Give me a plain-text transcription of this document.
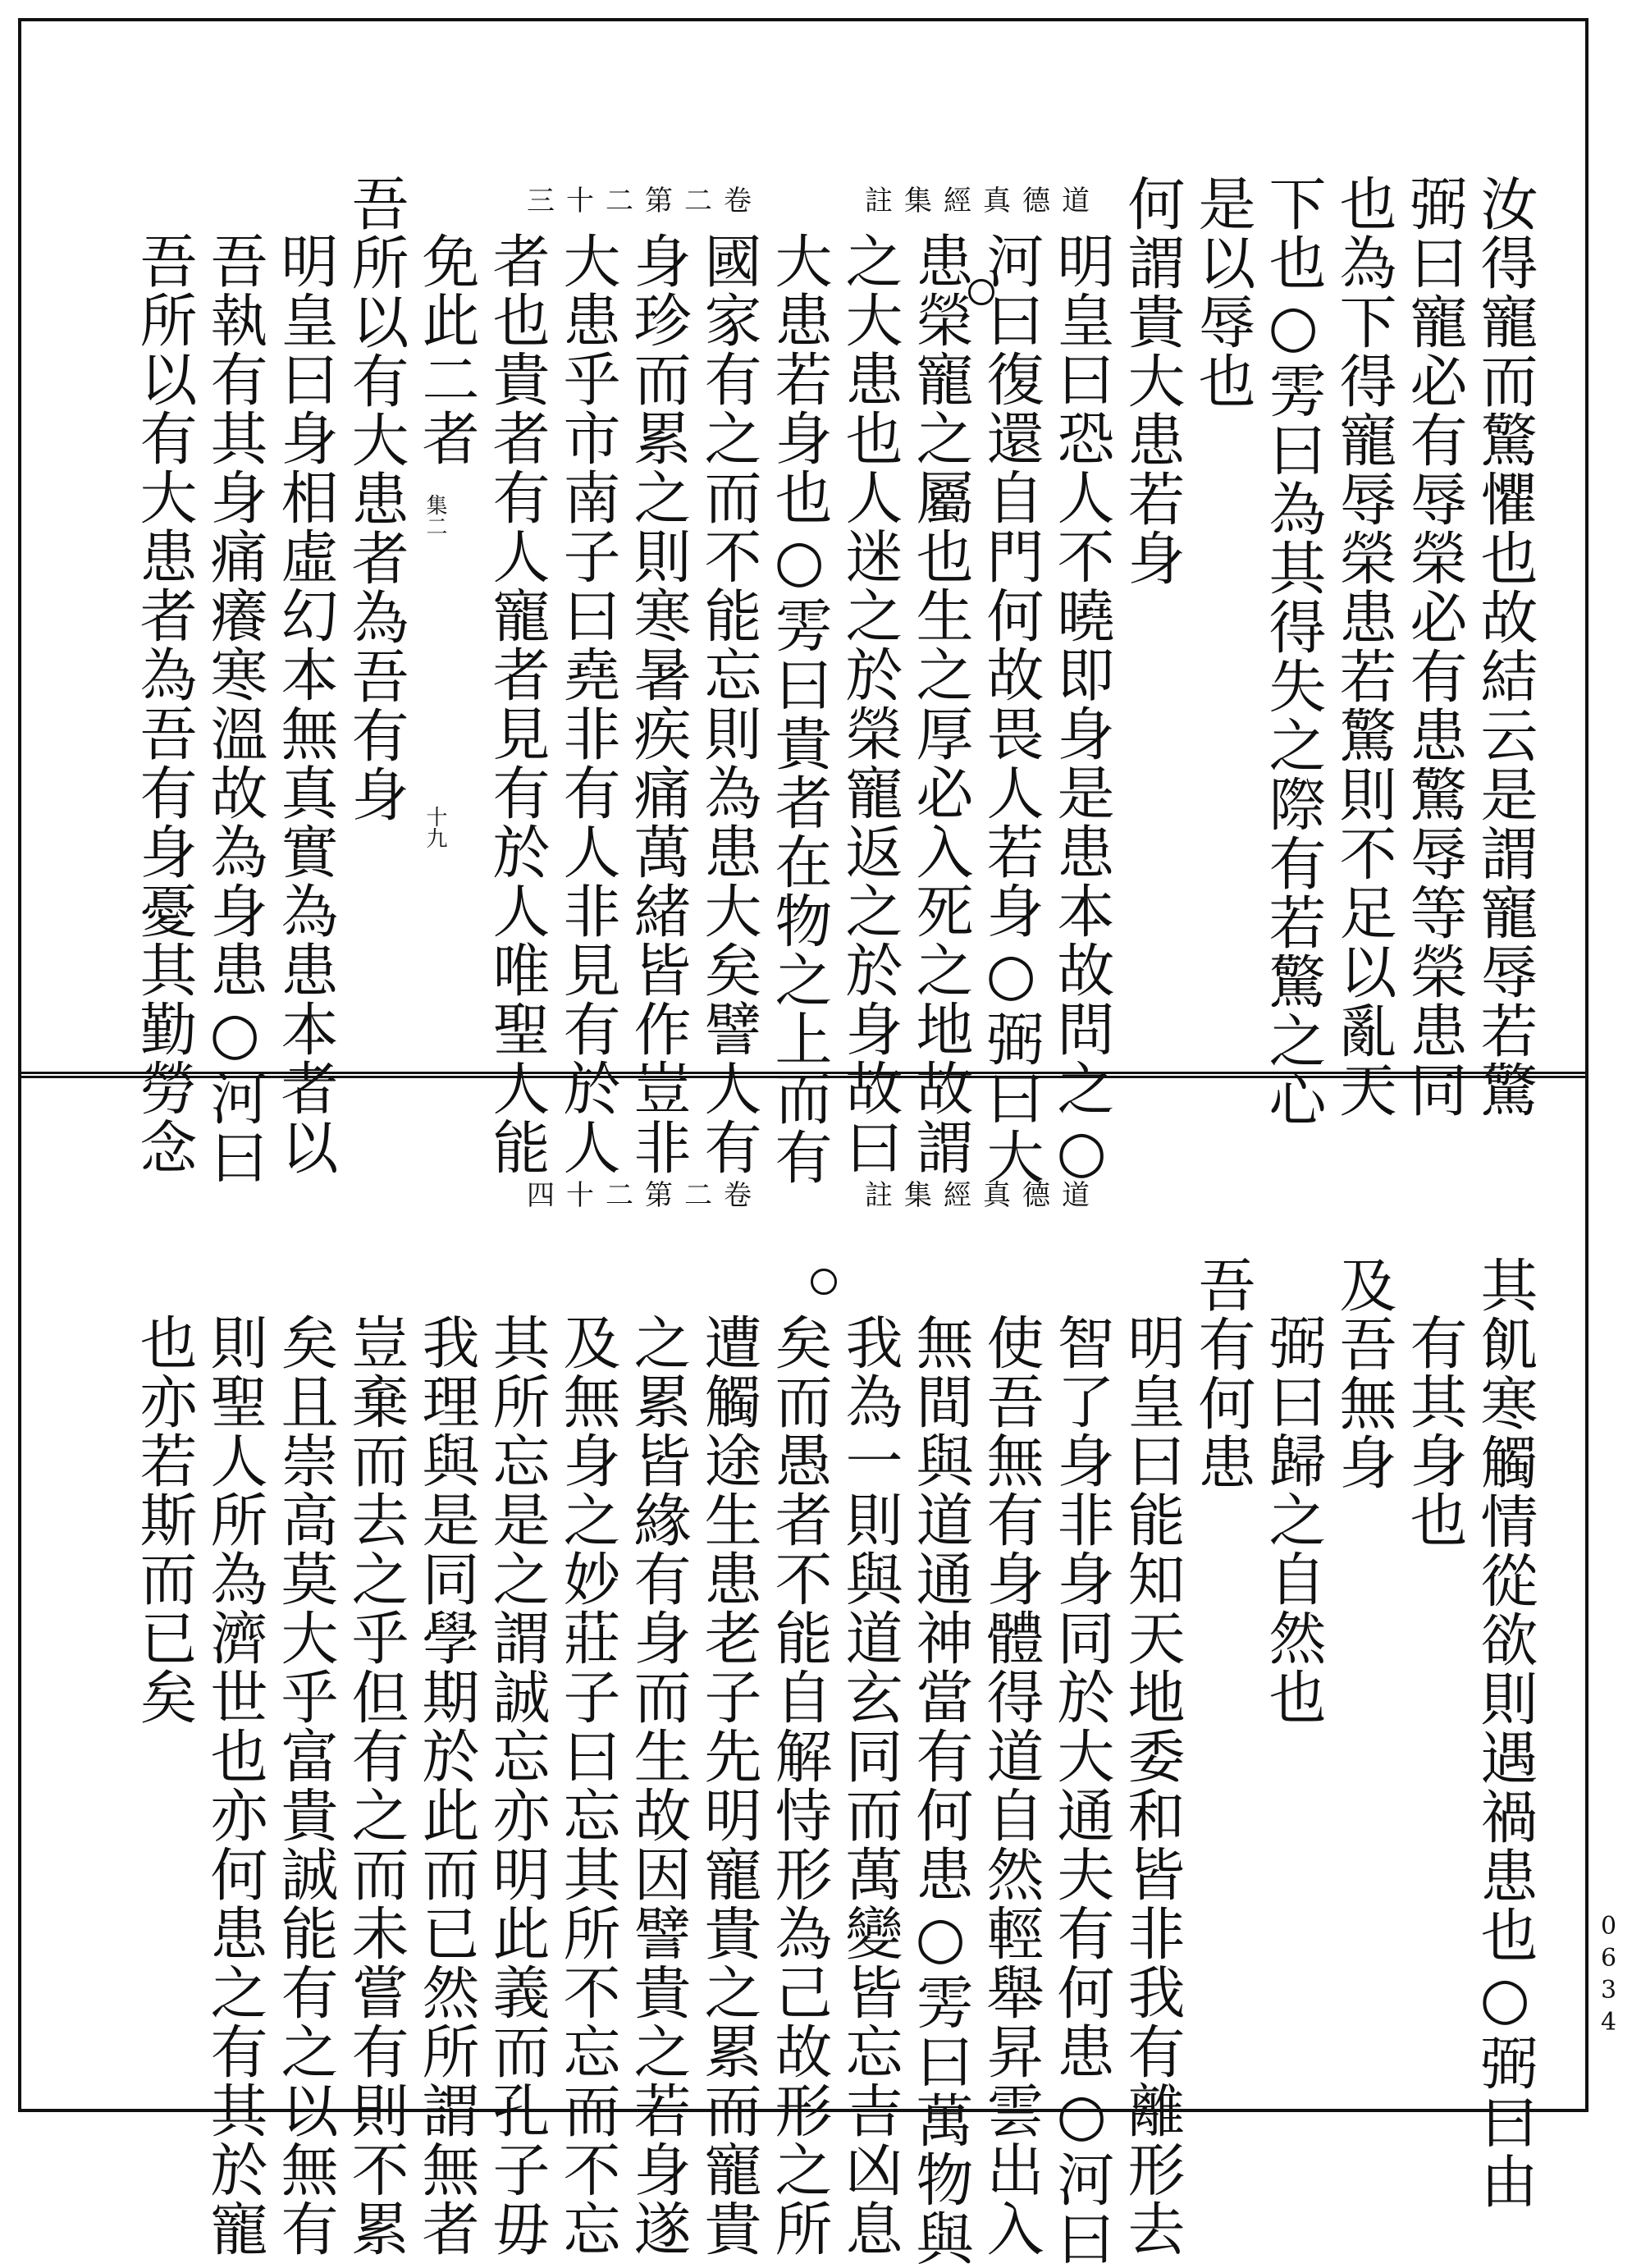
卷二第二十三	道德真經集註	汝得寵而驚懼也故結云是謂寵辱若驚
弼曰寵必有辱榮必有患驚辱等榮患同
也為下得寵辱榮患若驚則不足以亂天
下也○雱曰為其得失之際有若驚之心
是以辱也
何謂貴大患若身
明皇曰恐人不曉即身是患本故問之○
河曰復還自門何故畏人若身○弼曰大
患榮寵之屬也生之厚必入死之地故謂
之大患也人迷之於榮寵返之於身故曰
大患若身也○雱曰貴者在物之上而有
國家有之而不能忘則為患大矣譬人有
身珍而累之則寒暑疾痛萬緒皆作豈非
大患乎市南子曰堯非有人非見有於人
者也貴者有人寵者見有於人唯聖人能
免此二者
吾所以有大患者為吾有身
明皇曰身相虛幻本無真實為患本者以
吾執有其身痛癢寒溫故為身患○河曰
吾所以有大患者為吾有身憂其勤勞念	集二
十九
卷二第二十四	道德真經集註
其飢寒觸情從欲則遇禍患也○弼曰由
有其身也
及吾無身
弼曰歸之自然也
吾有何患
明皇曰能知天地委和皆非我有離形去
智了身非身同於大通夫有何患○河曰
使吾無有身體得道自然輕舉昇雲出入
無間與道通神當有何患○雱曰萬物與
我為一則與道玄同而萬變皆忘吉凶息
矣而愚者不能自解恃形為己故形之所
遭觸途生患老子先明寵貴之累而寵貴
之累皆緣有身而生故因譬貴之若身遂
及無身之妙莊子曰忘其所不忘而不忘
其所忘是之謂誠忘亦明此義而孔子毋
我理與是同學期於此而已然所謂無者
豈棄而去之乎但有之而未嘗有則不累
矣且崇高莫大乎富貴誠能有之以無有
則聖人所為濟世也亦何患之有其於寵
也亦若斯而已矣
0634
